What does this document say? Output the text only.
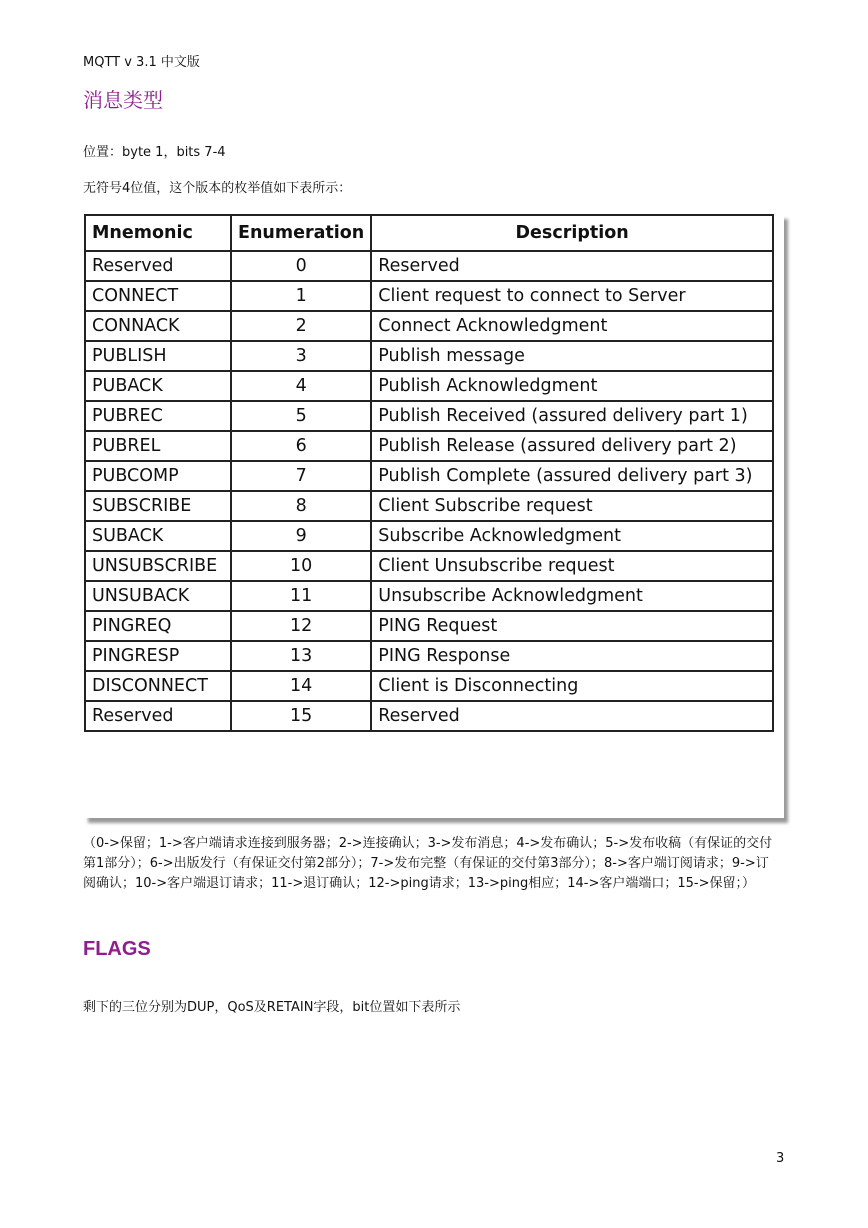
MQTT v 3.1 中文版
消息类型
位置：byte 1，bits 7-4
无符号4位值，这个版本的枚举值如下表所示：
Mnemonic	Enumeration	Description
Reserved	0	Reserved
CONNECT	1	Client request to connect to Server
CONNACK	2	Connect Acknowledgment
PUBLISH	3	Publish message
PUBACK	4	Publish Acknowledgment
PUBREC	5	Publish Received (assured delivery part 1)
PUBREL	6	Publish Release (assured delivery part 2)
PUBCOMP	7	Publish Complete (assured delivery part 3)
SUBSCRIBE	8	Client Subscribe request
SUBACK	9	Subscribe Acknowledgment
UNSUBSCRIBE	10	Client Unsubscribe request
UNSUBACK	11	Unsubscribe Acknowledgment
PINGREQ	12	PING Request
PINGRESP	13	PING Response
DISCONNECT	14	Client is Disconnecting
Reserved	15	Reserved
（0->保留；1->客户端请求连接到服务器；2->连接确认；3->发布消息；4->发布确认；5->发布收稿（有保证的交付第1部分）；6->出版发行（有保证交付第2部分）；7->发布完整（有保证的交付第3部分）；8->客户端订阅请求；9->订阅确认；10->客户端退订请求；11->退订确认；12->ping请求；13->ping相应；14->客户端端口；15->保留；）
FLAGS
剩下的三位分别为DUP，QoS及RETAIN字段，bit位置如下表所示
3
